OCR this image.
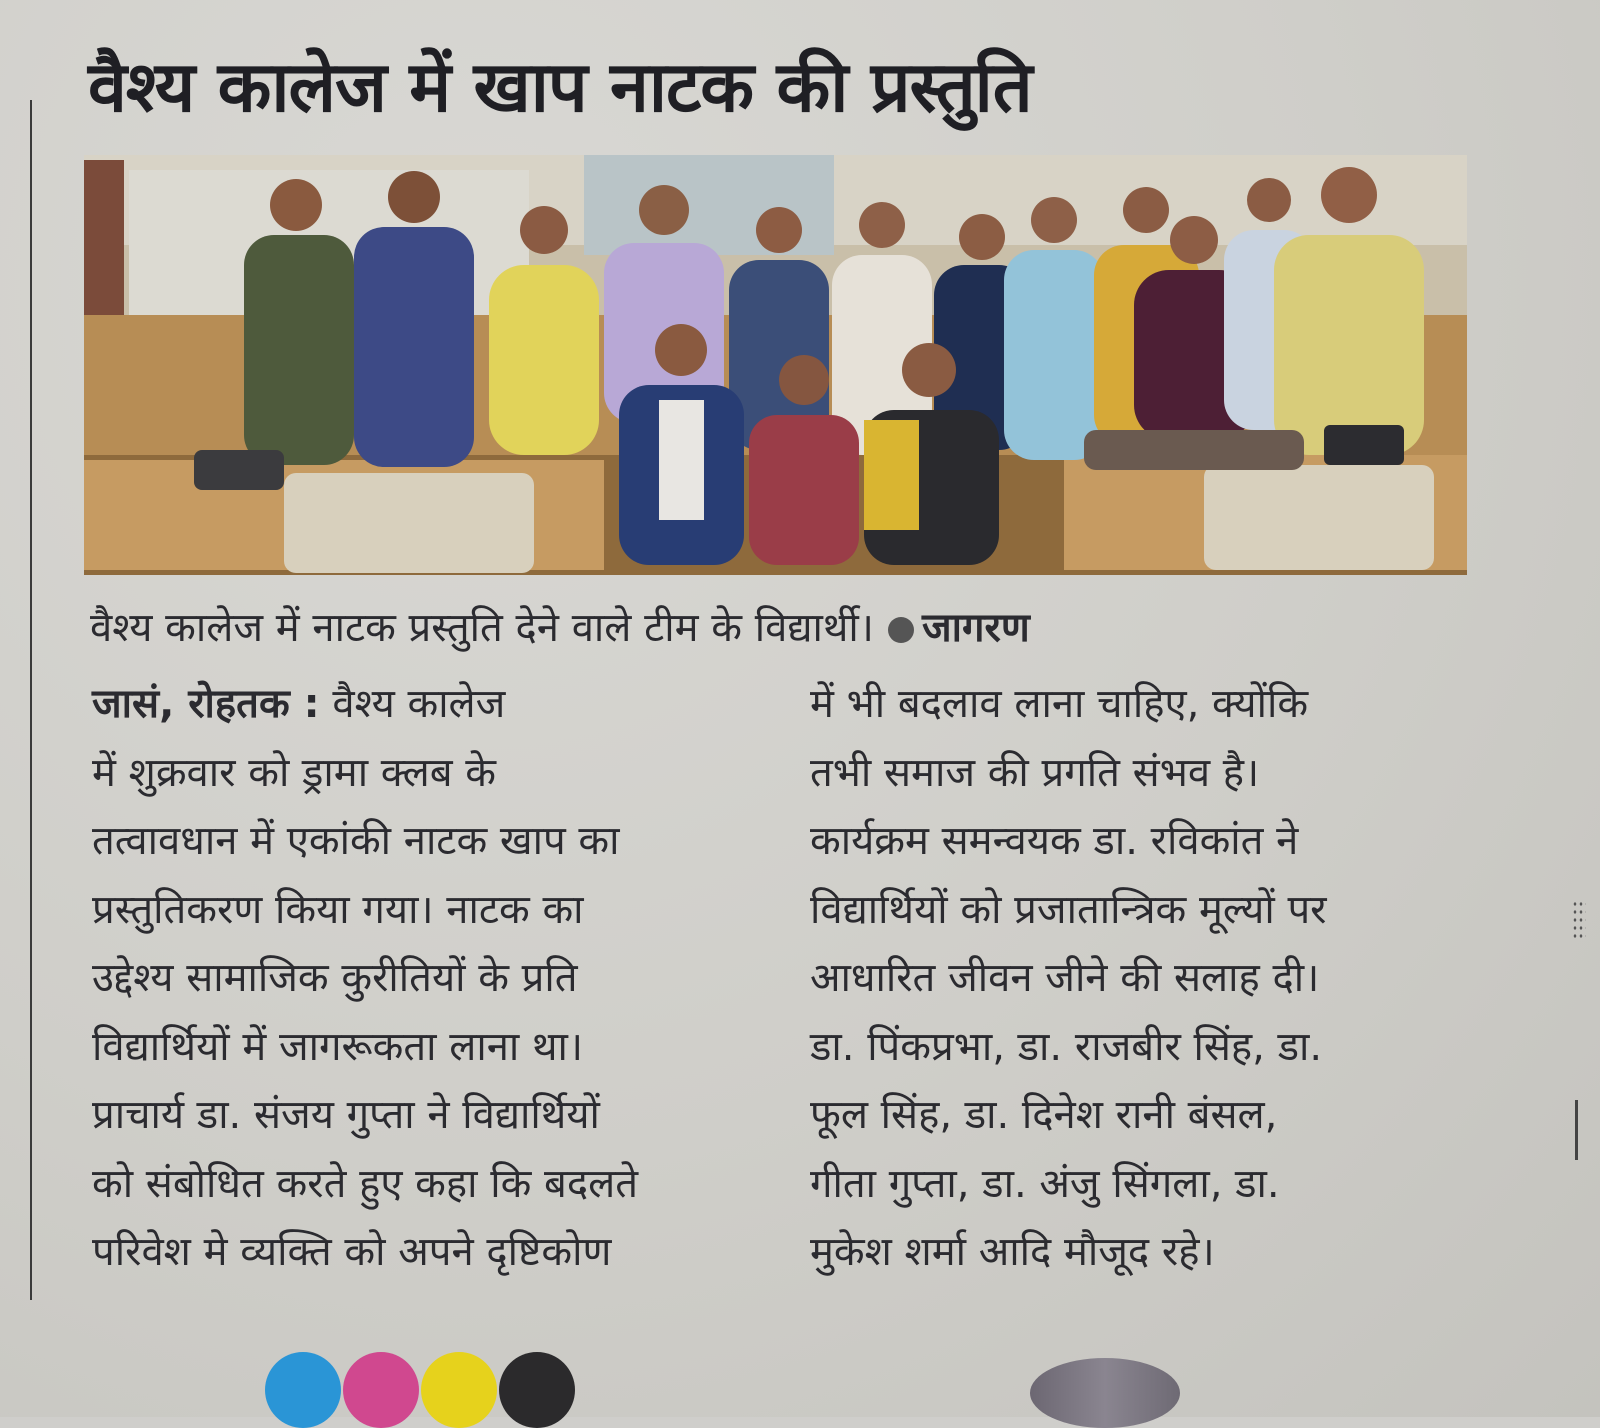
वैश्य कालेज में खाप नाटक की प्रस्तुति
वैश्य कालेज में नाटक प्रस्तुति देने वाले टीम के विद्यार्थी। जागरण
जासं, रोहतक : वैश्य कालेज
में शुक्रवार को ड्रामा क्लब के
तत्वावधान में एकांकी नाटक खाप का
प्रस्तुतिकरण किया गया। नाटक का
उद्देश्य सामाजिक कुरीतियों के प्रति
विद्यार्थियों में जागरूकता लाना था।
प्राचार्य डा. संजय गुप्ता ने विद्यार्थियों
को संबोधित करते हुए कहा कि बदलते
परिवेश मे व्यक्ति को अपने दृष्टिकोण
में भी बदलाव लाना चाहिए, क्योंकि
तभी समाज की प्रगति संभव है।
कार्यक्रम समन्वयक डा. रविकांत ने
विद्यार्थियों को प्रजातान्त्रिक मूल्यों पर
आधारित जीवन जीने की सलाह दी।
डा. पिंकप्रभा, डा. राजबीर सिंह, डा.
फूल सिंह, डा. दिनेश रानी बंसल,
गीता गुप्ता, डा. अंजु सिंगला, डा.
मुकेश शर्मा आदि मौजूद रहे।
